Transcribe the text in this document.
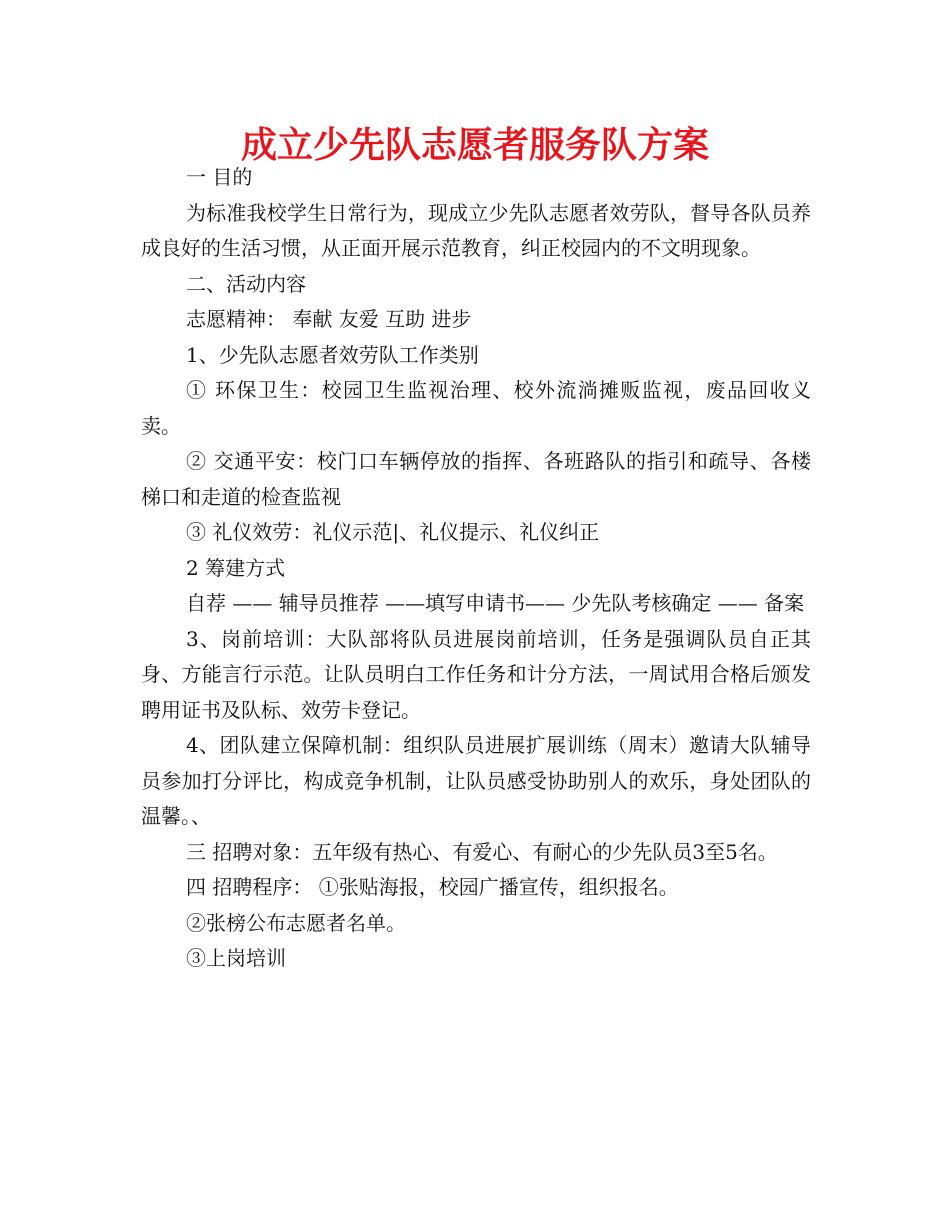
成立少先队志愿者服务队方案

一 目的

为标准我校学生日常行为，现成立少先队志愿者效劳队，督导各队员养成良好的生活习惯，从正面开展示范教育，纠正校园内的不文明现象。

二、活动内容

志愿精神： 奉献 友爱 互助 进步

1、少先队志愿者效劳队工作类别

① 环保卫生：校园卫生监视治理、校外流淌摊贩监视，废品回收义卖。

② 交通平安：校门口车辆停放的指挥、各班路队的指引和疏导、各楼梯口和走道的检查监视

③ 礼仪效劳：礼仪示范|、礼仪提示、礼仪纠正

2 筹建方式

自荐 —— 辅导员推荐 ——填写申请书—— 少先队考核确定 —— 备案

3、岗前培训：大队部将队员进展岗前培训，任务是强调队员自正其身、方能言行示范。让队员明白工作任务和计分方法，一周试用合格后颁发聘用证书及队标、效劳卡登记。

4、团队建立保障机制：组织队员进展扩展训练（周末）邀请大队辅导员参加打分评比，构成竞争机制，让队员感受协助别人的欢乐，身处团队的温馨。、

三 招聘对象：五年级有热心、有爱心、有耐心的少先队员3至5名。

四 招聘程序： ①张贴海报，校园广播宣传，组织报名。

②张榜公布志愿者名单。

③上岗培训
